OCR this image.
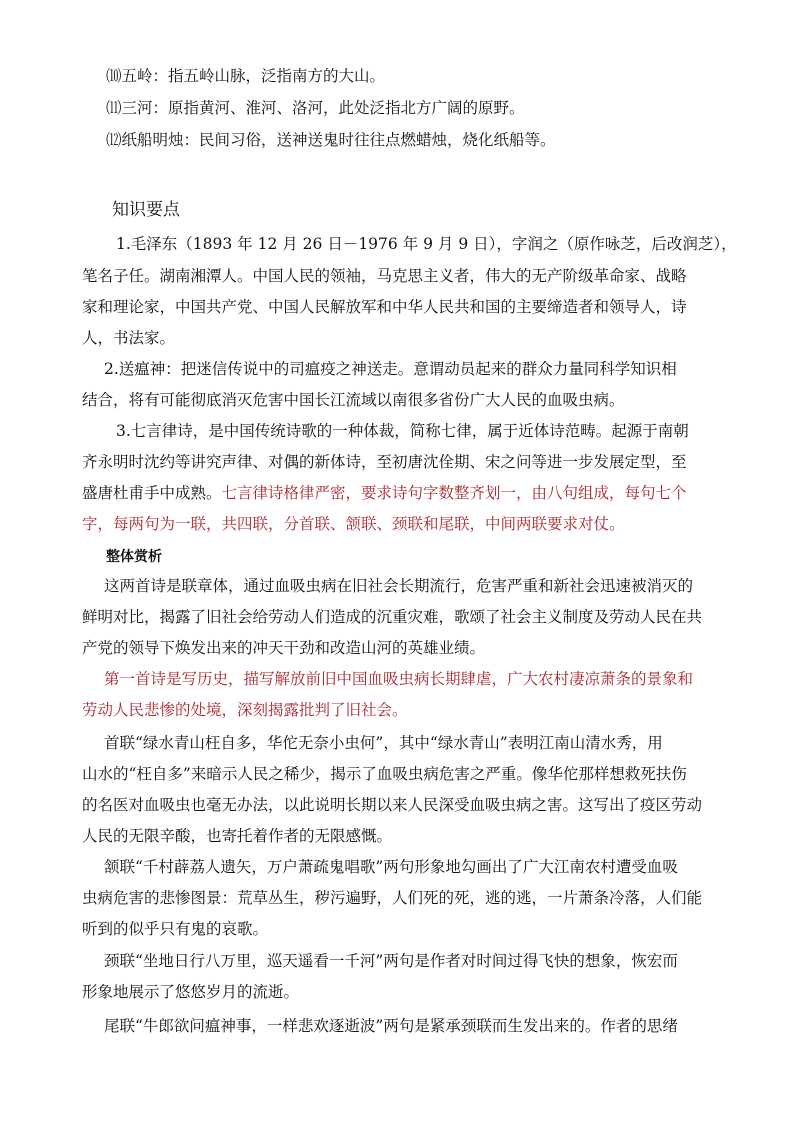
⑽五岭：指五岭山脉，泛指南方的大山。
⑾三河：原指黄河、淮河、洛河，此处泛指北方广阔的原野。
⑿纸船明烛：民间习俗，送神送鬼时往往点燃蜡烛，烧化纸船等。
知识要点
1.毛泽东（1893 年 12 月 26 日－1976 年 9 月 9 日），字润之（原作咏芝，后改润芝），
笔名子任。湖南湘潭人。中国人民的领袖，马克思主义者，伟大的无产阶级革命家、战略
家和理论家，中国共产党、中国人民解放军和中华人民共和国的主要缔造者和领导人，诗
人，书法家。
2.送瘟神：把迷信传说中的司瘟疫之神送走。意谓动员起来的群众力量同科学知识相
结合，将有可能彻底消灭危害中国长江流域以南很多省份广大人民的血吸虫病。
3.七言律诗，是中国传统诗歌的一种体裁，简称七律，属于近体诗范畴。起源于南朝
齐永明时沈约等讲究声律、对偶的新体诗，至初唐沈佺期、宋之问等进一步发展定型，至
盛唐杜甫手中成熟。七言律诗格律严密，要求诗句字数整齐划一，由八句组成，每句七个
字，每两句为一联，共四联，分首联、颔联、颈联和尾联，中间两联要求对仗。
整体赏析
这两首诗是联章体，通过血吸虫病在旧社会长期流行，危害严重和新社会迅速被消灭的
鲜明对比，揭露了旧社会给劳动人们造成的沉重灾难，歌颂了社会主义制度及劳动人民在共
产党的领导下焕发出来的冲天干劲和改造山河的英雄业绩。
第一首诗是写历史，描写解放前旧中国血吸虫病长期肆虐，广大农村凄凉萧条的景象和
劳动人民悲惨的处境，深刻揭露批判了旧社会。
首联“绿水青山枉自多，华佗无奈小虫何”，其中“绿水青山”表明江南山清水秀，用
山水的“枉自多”来暗示人民之稀少，揭示了血吸虫病危害之严重。像华佗那样想救死扶伤
的名医对血吸虫也毫无办法，以此说明长期以来人民深受血吸虫病之害。这写出了疫区劳动
人民的无限辛酸，也寄托着作者的无限感慨。
颔联“千村薜荔人遗矢，万户萧疏鬼唱歌”两句形象地勾画出了广大江南农村遭受血吸
虫病危害的悲惨图景：荒草丛生，秽污遍野，人们死的死，逃的逃，一片萧条冷落，人们能
听到的似乎只有鬼的哀歌。
颈联“坐地日行八万里，巡天遥看一千河”两句是作者对时间过得飞快的想象，恢宏而
形象地展示了悠悠岁月的流逝。
尾联“牛郎欲问瘟神事，一样悲欢逐逝波”两句是紧承颈联而生发出来的。作者的思绪
